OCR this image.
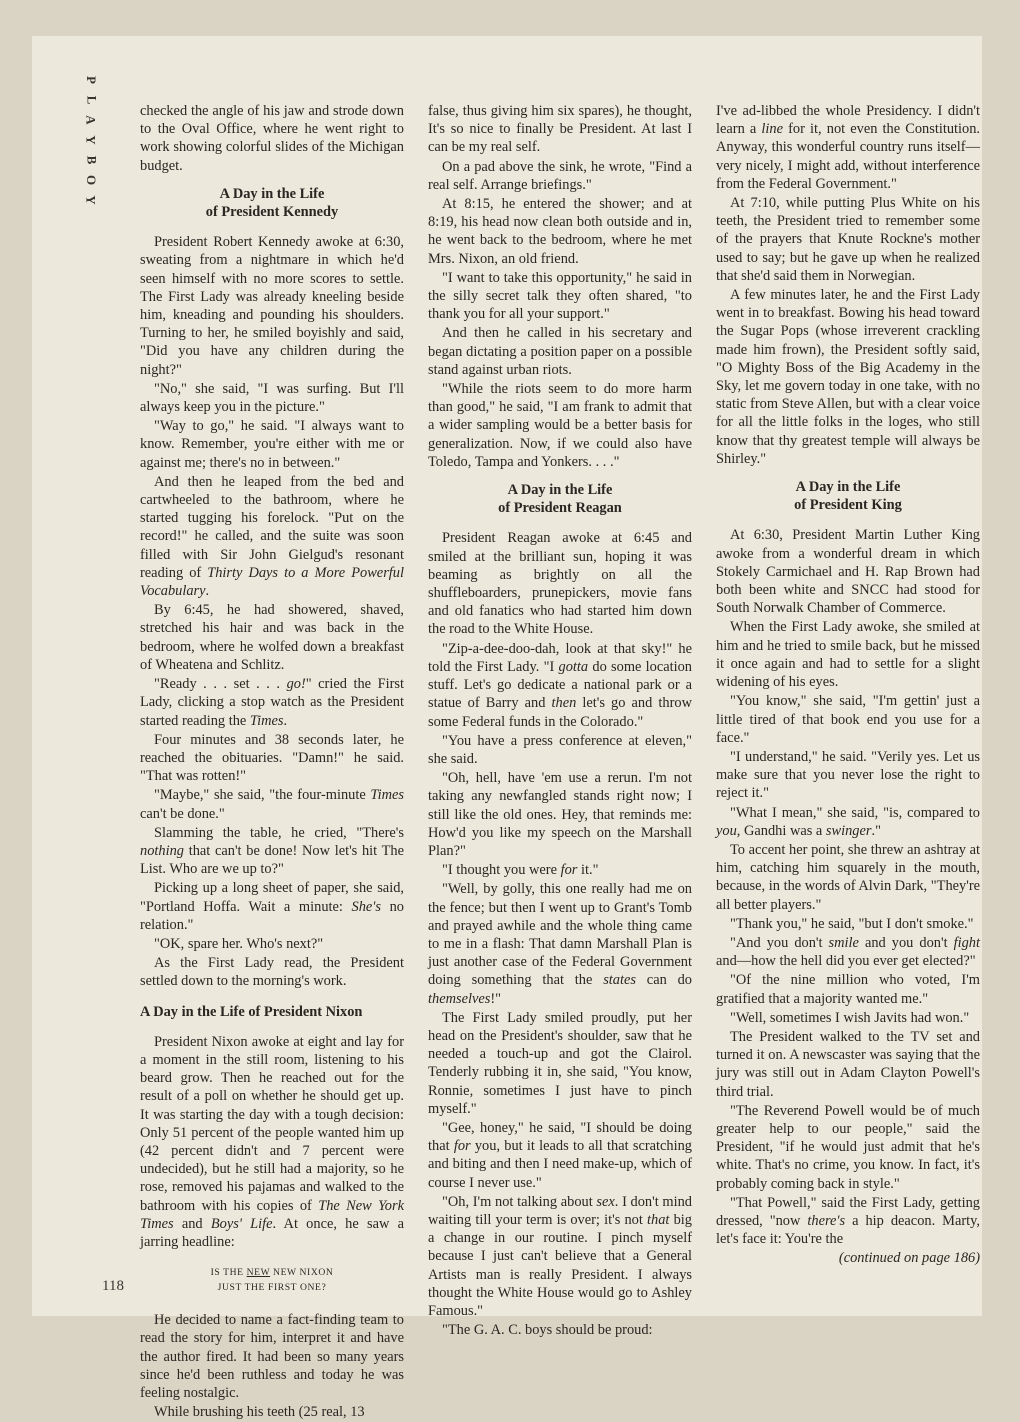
P
L
A
Y
B
O
Y
118

checked the angle of his jaw and strode down to the Oval Office, where he went right to work showing colorful slides of the Michigan budget.

A Day in the Life
of President Kennedy

President Robert Kennedy awoke at 6:30, sweating from a nightmare in which he'd seen himself with no more scores to settle. The First Lady was already kneeling beside him, kneading and pounding his shoulders. Turning to her, he smiled boyishly and said, "Did you have any children during the night?"

"No," she said, "I was surfing. But I'll always keep you in the picture."

"Way to go," he said. "I always want to know. Remember, you're either with me or against me; there's no in between."

And then he leaped from the bed and cartwheeled to the bathroom, where he started tugging his forelock. "Put on the record!" he called, and the suite was soon filled with Sir John Gielgud's resonant reading of Thirty Days to a More Powerful Vocabulary.

By 6:45, he had showered, shaved, stretched his hair and was back in the bedroom, where he wolfed down a breakfast of Wheatena and Schlitz.

"Ready . . . set . . . go!" cried the First Lady, clicking a stop watch as the President started reading the Times.

Four minutes and 38 seconds later, he reached the obituaries. "Damn!" he said. "That was rotten!"

"Maybe," she said, "the four-minute Times can't be done."

Slamming the table, he cried, "There's nothing that can't be done! Now let's hit The List. Who are we up to?"

Picking up a long sheet of paper, she said, "Portland Hoffa. Wait a minute: She's no relation."

"OK, spare her. Who's next?"

As the First Lady read, the President settled down to the morning's work.

A Day in the Life of President Nixon

President Nixon awoke at eight and lay for a moment in the still room, listening to his beard grow. Then he reached out for the result of a poll on whether he should get up. It was starting the day with a tough decision: Only 51 percent of the people wanted him up (42 percent didn't and 7 percent were undecided), but he still had a majority, so he rose, removed his pajamas and walked to the bathroom with his copies of The New York Times and Boys' Life. At once, he saw a jarring headline:

IS THE NEW NEW NIXON
JUST THE FIRST ONE?

He decided to name a fact-finding team to read the story for him, interpret it and have the author fired. It had been so many years since he'd been ruthless and today he was feeling nostalgic.

While brushing his teeth (25 real, 13

false, thus giving him six spares), he thought, It's so nice to finally be President. At last I can be my real self.

On a pad above the sink, he wrote, "Find a real self. Arrange briefings."

At 8:15, he entered the shower; and at 8:19, his head now clean both outside and in, he went back to the bedroom, where he met Mrs. Nixon, an old friend.

"I want to take this opportunity," he said in the silly secret talk they often shared, "to thank you for all your support."

And then he called in his secretary and began dictating a position paper on a possible stand against urban riots.

"While the riots seem to do more harm than good," he said, "I am frank to admit that a wider sampling would be a better basis for generalization. Now, if we could also have Toledo, Tampa and Yonkers. . . ."

A Day in the Life
of President Reagan

President Reagan awoke at 6:45 and smiled at the brilliant sun, hoping it was beaming as brightly on all the shuffleboarders, prunepickers, movie fans and old fanatics who had started him down the road to the White House.

"Zip-a-dee-doo-dah, look at that sky!" he told the First Lady. "I gotta do some location stuff. Let's go dedicate a national park or a statue of Barry and then let's go and throw some Federal funds in the Colorado."

"You have a press conference at eleven," she said.

"Oh, hell, have 'em use a rerun. I'm not taking any newfangled stands right now; I still like the old ones. Hey, that reminds me: How'd you like my speech on the Marshall Plan?"

"I thought you were for it."

"Well, by golly, this one really had me on the fence; but then I went up to Grant's Tomb and prayed awhile and the whole thing came to me in a flash: That damn Marshall Plan is just another case of the Federal Government doing something that the states can do themselves!"

The First Lady smiled proudly, put her head on the President's shoulder, saw that he needed a touch-up and got the Clairol. Tenderly rubbing it in, she said, "You know, Ronnie, sometimes I just have to pinch myself."

"Gee, honey," he said, "I should be doing that for you, but it leads to all that scratching and biting and then I need make-up, which of course I never use."

"Oh, I'm not talking about sex. I don't mind waiting till your term is over; it's not that big a change in our routine. I pinch myself because I just can't believe that a General Artists man is really President. I always thought the White House would go to Ashley Famous."

"The G. A. C. boys should be proud:

I've ad-libbed the whole Presidency. I didn't learn a line for it, not even the Constitution. Anyway, this wonderful country runs itself—very nicely, I might add, without interference from the Federal Government."

At 7:10, while putting Plus White on his teeth, the President tried to remember some of the prayers that Knute Rockne's mother used to say; but he gave up when he realized that she'd said them in Norwegian.

A few minutes later, he and the First Lady went in to breakfast. Bowing his head toward the Sugar Pops (whose irreverent crackling made him frown), the President softly said, "O Mighty Boss of the Big Academy in the Sky, let me govern today in one take, with no static from Steve Allen, but with a clear voice for all the little folks in the loges, who still know that thy greatest temple will always be Shirley."

A Day in the Life
of President King

At 6:30, President Martin Luther King awoke from a wonderful dream in which Stokely Carmichael and H. Rap Brown had both been white and SNCC had stood for South Norwalk Chamber of Commerce.

When the First Lady awoke, she smiled at him and he tried to smile back, but he missed it once again and had to settle for a slight widening of his eyes.

"You know," she said, "I'm gettin' just a little tired of that book end you use for a face."

"I understand," he said. "Verily yes. Let us make sure that you never lose the right to reject it."

"What I mean," she said, "is, compared to you, Gandhi was a swinger."

To accent her point, she threw an ashtray at him, catching him squarely in the mouth, because, in the words of Alvin Dark, "They're all better players."

"Thank you," he said, "but I don't smoke."

"And you don't smile and you don't fight and—how the hell did you ever get elected?"

"Of the nine million who voted, I'm gratified that a majority wanted me."

"Well, sometimes I wish Javits had won."

The President walked to the TV set and turned it on. A newscaster was saying that the jury was still out in Adam Clayton Powell's third trial.

"The Reverend Powell would be of much greater help to our people," said the President, "if he would just admit that he's white. That's no crime, you know. In fact, it's probably coming back in style."

"That Powell," said the First Lady, getting dressed, "now there's a hip deacon. Marty, let's face it: You're the

(continued on page 186)
